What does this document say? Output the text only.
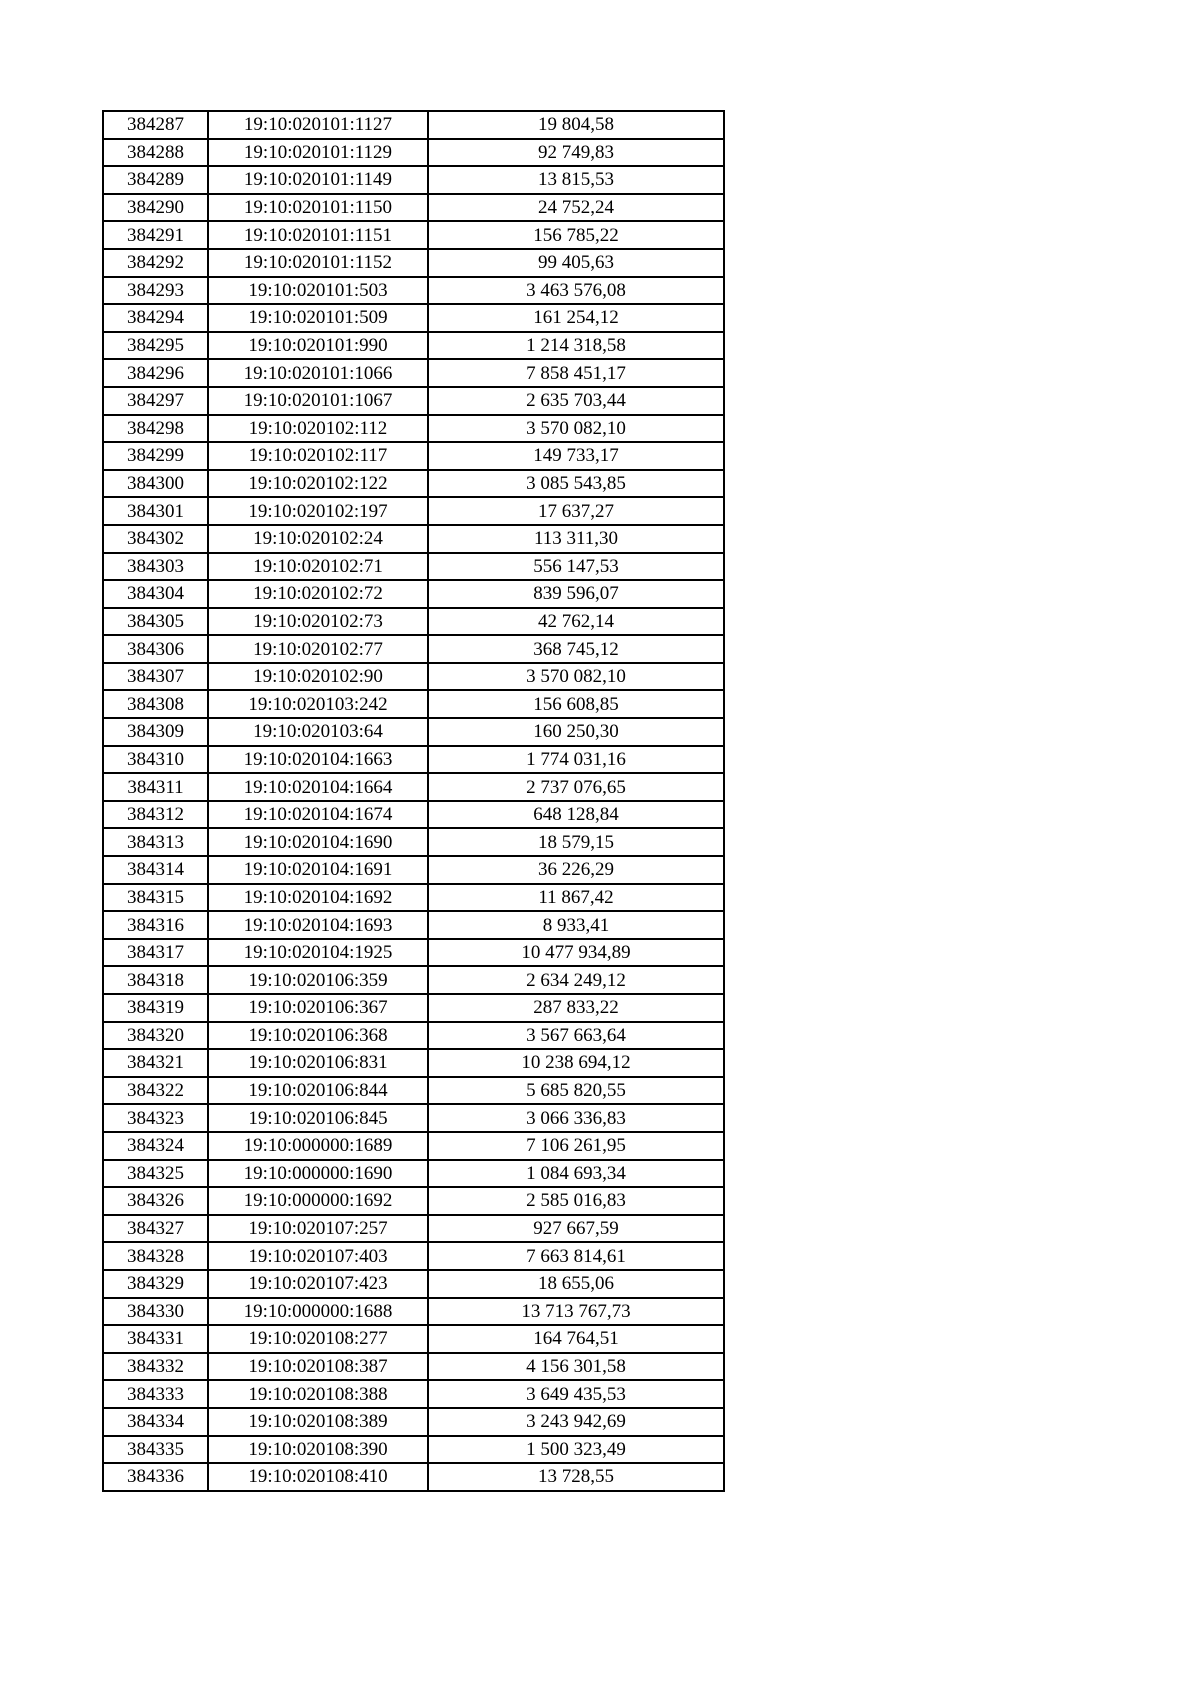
384287	19:10:020101:1127	19 804,58
384288	19:10:020101:1129	92 749,83
384289	19:10:020101:1149	13 815,53
384290	19:10:020101:1150	24 752,24
384291	19:10:020101:1151	156 785,22
384292	19:10:020101:1152	99 405,63
384293	19:10:020101:503	3 463 576,08
384294	19:10:020101:509	161 254,12
384295	19:10:020101:990	1 214 318,58
384296	19:10:020101:1066	7 858 451,17
384297	19:10:020101:1067	2 635 703,44
384298	19:10:020102:112	3 570 082,10
384299	19:10:020102:117	149 733,17
384300	19:10:020102:122	3 085 543,85
384301	19:10:020102:197	17 637,27
384302	19:10:020102:24	113 311,30
384303	19:10:020102:71	556 147,53
384304	19:10:020102:72	839 596,07
384305	19:10:020102:73	42 762,14
384306	19:10:020102:77	368 745,12
384307	19:10:020102:90	3 570 082,10
384308	19:10:020103:242	156 608,85
384309	19:10:020103:64	160 250,30
384310	19:10:020104:1663	1 774 031,16
384311	19:10:020104:1664	2 737 076,65
384312	19:10:020104:1674	648 128,84
384313	19:10:020104:1690	18 579,15
384314	19:10:020104:1691	36 226,29
384315	19:10:020104:1692	11 867,42
384316	19:10:020104:1693	8 933,41
384317	19:10:020104:1925	10 477 934,89
384318	19:10:020106:359	2 634 249,12
384319	19:10:020106:367	287 833,22
384320	19:10:020106:368	3 567 663,64
384321	19:10:020106:831	10 238 694,12
384322	19:10:020106:844	5 685 820,55
384323	19:10:020106:845	3 066 336,83
384324	19:10:000000:1689	7 106 261,95
384325	19:10:000000:1690	1 084 693,34
384326	19:10:000000:1692	2 585 016,83
384327	19:10:020107:257	927 667,59
384328	19:10:020107:403	7 663 814,61
384329	19:10:020107:423	18 655,06
384330	19:10:000000:1688	13 713 767,73
384331	19:10:020108:277	164 764,51
384332	19:10:020108:387	4 156 301,58
384333	19:10:020108:388	3 649 435,53
384334	19:10:020108:389	3 243 942,69
384335	19:10:020108:390	1 500 323,49
384336	19:10:020108:410	13 728,55
